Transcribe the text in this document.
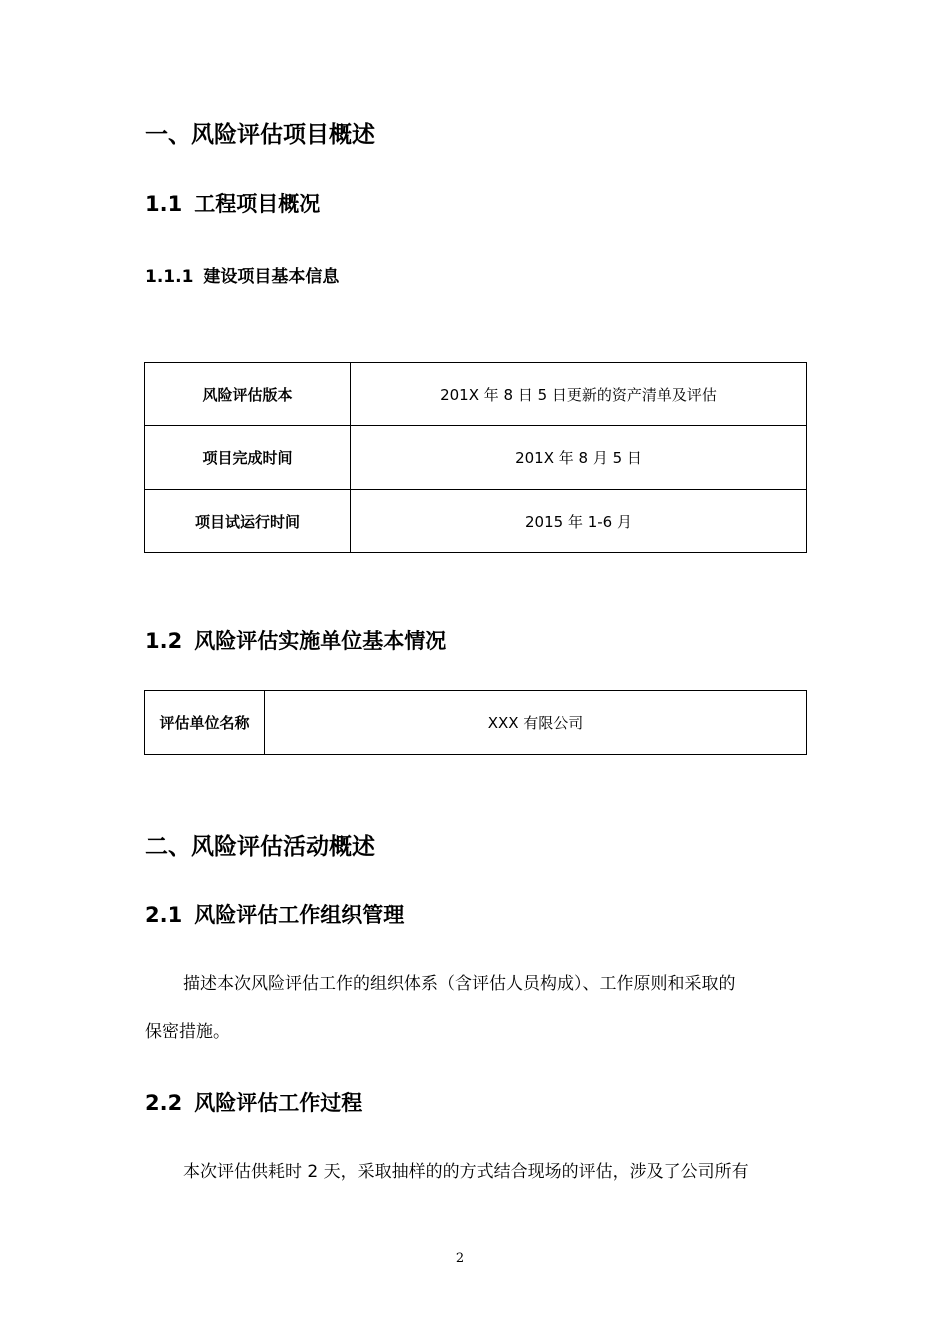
一、风险评估项目概述
1.1 工程项目概况
1.1.1 建设项目基本信息
风险评估版本	201X 年 8 日 5 日更新的资产清单及评估
项目完成时间	201X 年 8 月 5 日
项目试运行时间	2015 年 1-6 月
1.2 风险评估实施单位基本情况
评估单位名称	XXX 有限公司
二、风险评估活动概述
2.1 风险评估工作组织管理
描述本次风险评估工作的组织体系（含评估人员构成）、工作原则和采取的
保密措施。
2.2 风险评估工作过程
本次评估供耗时 2 天，采取抽样的的方式结合现场的评估，涉及了公司所有
2
